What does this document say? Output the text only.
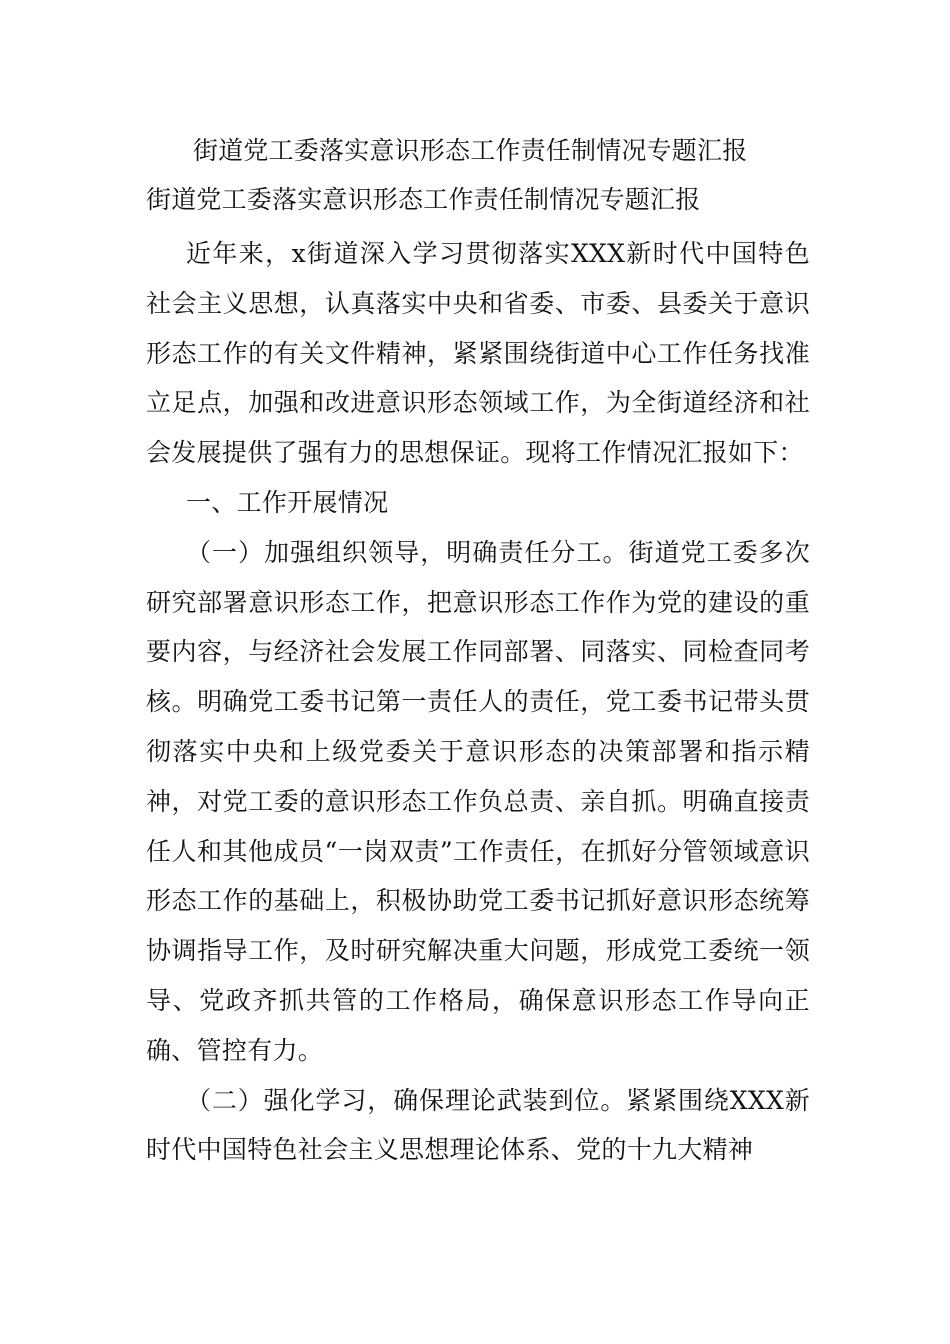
街道党工委落实意识形态工作责任制情况专题汇报
街道党工委落实意识形态工作责任制情况专题汇报

近年来，x街道深入学习贯彻落实XXX新时代中国特色社会主义思想，认真落实中央和省委、市委、县委关于意识形态工作的有关文件精神，紧紧围绕街道中心工作任务找准立足点，加强和改进意识形态领域工作，为全街道经济和社会发展提供了强有力的思想保证。现将工作情况汇报如下：

一、工作开展情况

（一）加强组织领导，明确责任分工。街道党工委多次研究部署意识形态工作，把意识形态工作作为党的建设的重要内容，与经济社会发展工作同部署、同落实、同检查同考核。明确党工委书记第一责任人的责任，党工委书记带头贯彻落实中央和上级党委关于意识形态的决策部署和指示精神，对党工委的意识形态工作负总责、亲自抓。明确直接责任人和其他成员“一岗双责”工作责任，在抓好分管领域意识形态工作的基础上，积极协助党工委书记抓好意识形态统筹协调指导工作，及时研究解决重大问题，形成党工委统一领导、党政齐抓共管的工作格局，确保意识形态工作导向正确、管控有力。

（二）强化学习，确保理论武装到位。紧紧围绕XXX新时代中国特色社会主义思想理论体系、党的十九大精神
